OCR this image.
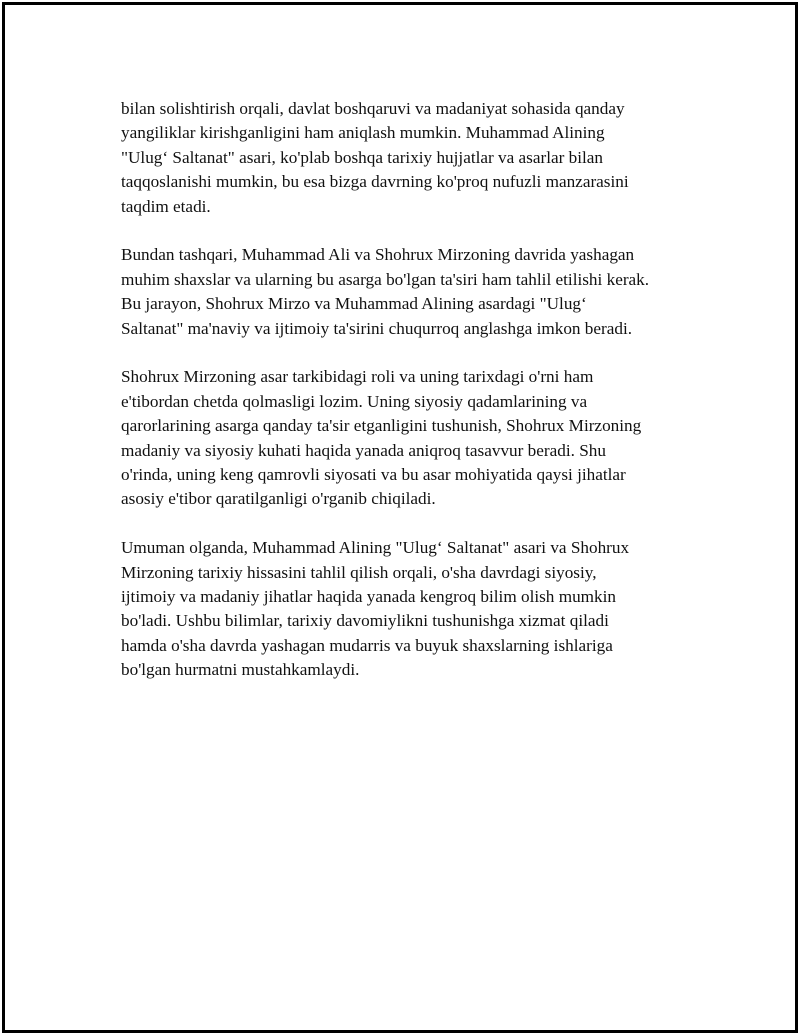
bilan solishtirish orqali, davlat boshqaruvi va madaniyat sohasida qanday
yangiliklar kirishganligini ham aniqlash mumkin. Muhammad Alining
"Ulug‘ Saltanat" asari, ko'plab boshqa tarixiy hujjatlar va asarlar bilan
taqqoslanishi mumkin, bu esa bizga davrning ko'proq nufuzli manzarasini
taqdim etadi.

Bundan tashqari, Muhammad Ali va Shohrux Mirzoning davrida yashagan
muhim shaxslar va ularning bu asarga bo'lgan ta'siri ham tahlil etilishi kerak.
Bu jarayon, Shohrux Mirzo va Muhammad Alining asardagi "Ulug‘
Saltanat" ma'naviy va ijtimoiy ta'sirini chuqurroq anglashga imkon beradi.

Shohrux Mirzoning asar tarkibidagi roli va uning tarixdagi o'rni ham
e'tibordan chetda qolmasligi lozim. Uning siyosiy qadamlarining va
qarorlarining asarga qanday ta'sir etganligini tushunish, Shohrux Mirzoning
madaniy va siyosiy kuhati haqida yanada aniqroq tasavvur beradi. Shu
o'rinda, uning keng qamrovli siyosati va bu asar mohiyatida qaysi jihatlar
asosiy e'tibor qaratilganligi o'rganib chiqiladi.

Umuman olganda, Muhammad Alining "Ulug‘ Saltanat" asari va Shohrux
Mirzoning tarixiy hissasini tahlil qilish orqali, o'sha davrdagi siyosiy,
ijtimoiy va madaniy jihatlar haqida yanada kengroq bilim olish mumkin
bo'ladi. Ushbu bilimlar, tarixiy davomiylikni tushunishga xizmat qiladi
hamda o'sha davrda yashagan mudarris va buyuk shaxslarning ishlariga
bo'lgan hurmatni mustahkamlaydi.
